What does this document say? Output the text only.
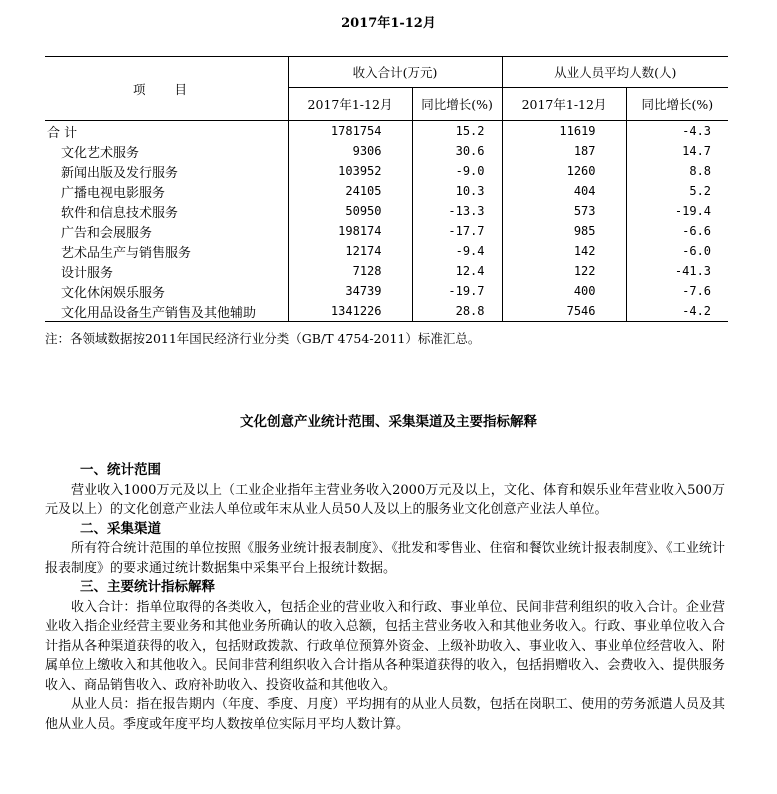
2017年1-12月
项 目	收入合计(万元)		从业人员平均人数(人)	
	2017年1-12月	同比增长(%)	2017年1-12月	同比增长(%)
合 计	1781754	15.2	11619	-4.3
文化艺术服务	9306	30.6	187	14.7
新闻出版及发行服务	103952	-9.0	1260	8.8
广播电视电影服务	24105	10.3	404	5.2
软件和信息技术服务	50950	-13.3	573	-19.4
广告和会展服务	198174	-17.7	985	-6.6
艺术品生产与销售服务	12174	-9.4	142	-6.0
设计服务	7128	12.4	122	-41.3
文化休闲娱乐服务	34739	-19.7	400	-7.6
文化用品设备生产销售及其他辅助	1341226	28.8	7546	-4.2
注：各领域数据按2011年国民经济行业分类（GB/T 4754-2011）标准汇总。
文化创意产业统计范围、采集渠道及主要指标解释
一、统计范围
营业收入1000万元及以上（工业企业指年主营业务收入2000万元及以上，文化、体育和娱乐业年营业收入500万元及以上）的文化创意产业法人单位或年末从业人员50人及以上的服务业文化创意产业法人单位。
二、采集渠道
所有符合统计范围的单位按照《服务业统计报表制度》、《批发和零售业、住宿和餐饮业统计报表制度》、《工业统计报表制度》的要求通过统计数据集中采集平台上报统计数据。
三、主要统计指标解释
收入合计：指单位取得的各类收入，包括企业的营业收入和行政、事业单位、民间非营利组织的收入合计。企业营业收入指企业经营主要业务和其他业务所确认的收入总额，包括主营业务收入和其他业务收入。行政、事业单位收入合计指从各种渠道获得的收入，包括财政拨款、行政单位预算外资金、上级补助收入、事业收入、事业单位经营收入、附属单位上缴收入和其他收入。民间非营利组织收入合计指从各种渠道获得的收入，包括捐赠收入、会费收入、提供服务收入、商品销售收入、政府补助收入、投资收益和其他收入。
从业人员：指在报告期内（年度、季度、月度）平均拥有的从业人员数，包括在岗职工、使用的劳务派遣人员及其他从业人员。季度或年度平均人数按单位实际月平均人数计算。
